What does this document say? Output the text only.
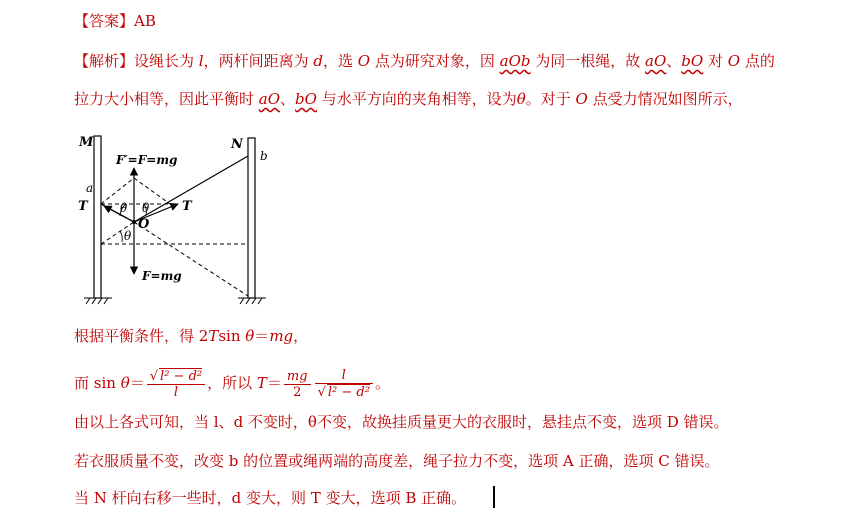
【答案】AB
【解析】设绳长为 l，两杆间距离为 d，选 O 点为研究对象，因 aOb 为同一根绳，故 aO、bO 对 O 点的
拉力大小相等，因此平衡时 aO、bO 与水平方向的夹角相等，设为θ。对于 O 点受力情况如图所示，
M	N
b
a
T	T
O
θ θ
θ
F′=F=mg
F=mg
根据平衡条件，得 2Tsin θ＝mg，
而 $\sin \theta= \frac{\text{√ l² − d²}}{l}$ ，所以 $T= \frac{mg}{2} \frac{l}{\text{√ l² − d²}}$ 。
由以上各式可知，当 l、d 不变时，θ不变，故换挂质量更大的衣服时，悬挂点不变，选项 D 错误。
若衣服质量不变，改变 b 的位置或绳两端的高度差，绳子拉力不变，选项 A 正确，选项 C 错误。
当 N 杆向右移一些时，d 变大，则 T 变大，选项 B 正确。
